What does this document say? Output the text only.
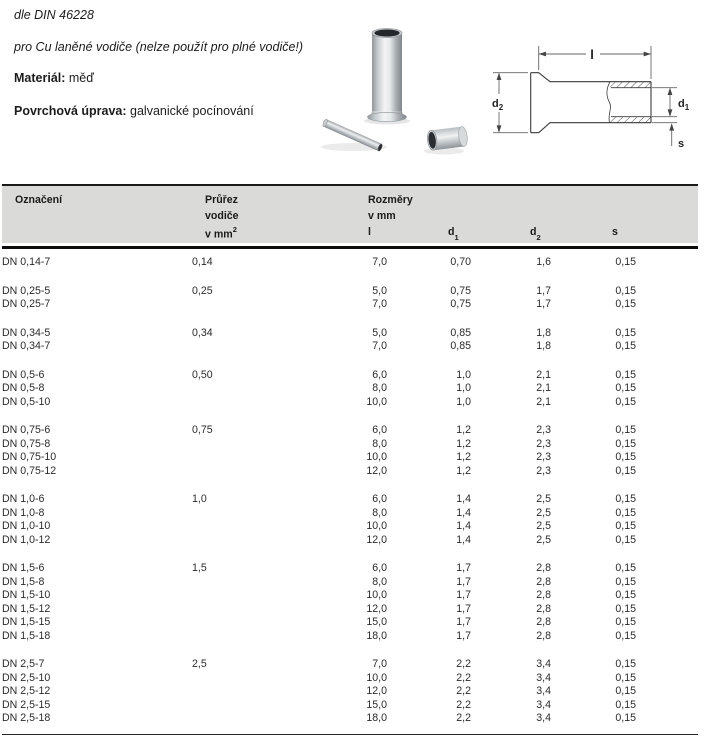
dle DIN 46228
pro Cu laněné vodiče (nelze použít pro plné vodiče!)
Materiál: měď
Povrchová úprava: galvanické pocínování
l
$d_2$	$d_1$
s
Označení	Průřez
vodiče
v $mm^2$
Rozměry
v mm
l	$d_1$	$d_2$	s
DN 0,14-7	0,14	7,0	0,70	1,6	0,15	
DN 0,25-5	0,25	5,0	0,75	1,7	0,15	
DN 0,25-7		7,0	0,75	1,7	0,15	
DN 0,34-5	0,34	5,0	0,85	1,8	0,15	
DN 0,34-7		7,0	0,85	1,8	0,15	
DN 0,5-6	0,50	6,0	1,0	2,1	0,15	
DN 0,5-8		8,0	1,0	2,1	0,15	
DN 0,5-10		10,0	1,0	2,1	0,15	
DN 0,75-6	0,75	6,0	1,2	2,3	0,15	
DN 0,75-8		8,0	1,2	2,3	0,15	
DN 0,75-10		10,0	1,2	2,3	0,15	
DN 0,75-12		12,0	1,2	2,3	0,15	
DN 1,0-6	1,0	6,0	1,4	2,5	0,15	
DN 1,0-8		8,0	1,4	2,5	0,15	
DN 1,0-10		10,0	1,4	2,5	0,15	
DN 1,0-12		12,0	1,4	2,5	0,15	
DN 1,5-6	1,5	6,0	1,7	2,8	0,15	
DN 1,5-8		8,0	1,7	2,8	0,15	
DN 1,5-10		10,0	1,7	2,8	0,15	
DN 1,5-12		12,0	1,7	2,8	0,15	
DN 1,5-15		15,0	1,7	2,8	0,15	
DN 1,5-18		18,0	1,7	2,8	0,15	
DN 2,5-7	2,5	7,0	2,2	3,4	0,15	
DN 2,5-10		10,0	2,2	3,4	0,15	
DN 2,5-12		12,0	2,2	3,4	0,15	
DN 2,5-15		15,0	2,2	3,4	0,15	
DN 2,5-18		18,0	2,2	3,4	0,15	
